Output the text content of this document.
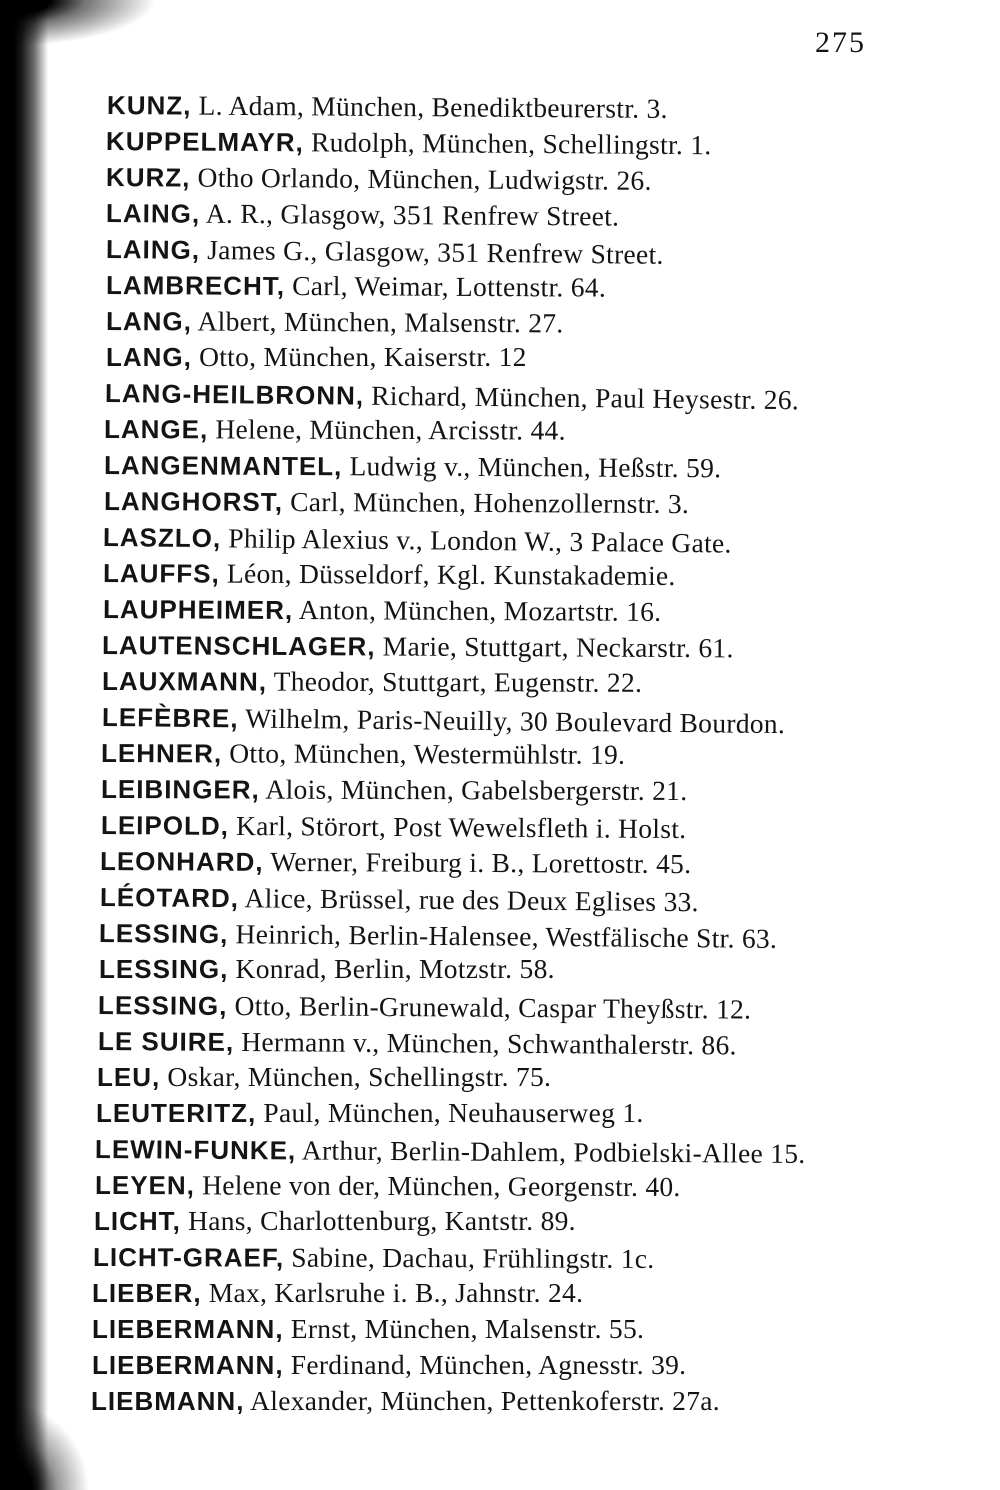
275
KUNZ, L. Adam, München, Benediktbeurerstr. 3.
KUPPELMAYR, Rudolph, München, Schellingstr. 1.
KURZ, Otho Orlando, München, Ludwigstr. 26.
LAING, A. R., Glasgow, 351 Renfrew Street.
LAING, James G., Glasgow, 351 Renfrew Street.
LAMBRECHT, Carl, Weimar, Lottenstr. 64.
LANG, Albert, München, Malsenstr. 27.
LANG, Otto, München, Kaiserstr. 12
LANG-HEILBRONN, Richard, München, Paul Heysestr. 26.
LANGE, Helene, München, Arcisstr. 44.
LANGENMANTEL, Ludwig v., München, Heßstr. 59.
LANGHORST, Carl, München, Hohenzollernstr. 3.
LASZLO, Philip Alexius v., London W., 3 Palace Gate.
LAUFFS, Léon, Düsseldorf, Kgl. Kunstakademie.
LAUPHEIMER, Anton, München, Mozartstr. 16.
LAUTENSCHLAGER, Marie, Stuttgart, Neckarstr. 61.
LAUXMANN, Theodor, Stuttgart, Eugenstr. 22.
LEFÈBRE, Wilhelm, Paris-Neuilly, 30 Boulevard Bourdon.
LEHNER, Otto, München, Westermühlstr. 19.
LEIBINGER, Alois, München, Gabelsbergerstr. 21.
LEIPOLD, Karl, Störort, Post Wewelsfleth i. Holst.
LEONHARD, Werner, Freiburg i. B., Lorettostr. 45.
LÉOTARD, Alice, Brüssel, rue des Deux Eglises 33.
LESSING, Heinrich, Berlin-Halensee, Westfälische Str. 63.
LESSING, Konrad, Berlin, Motzstr. 58.
LESSING, Otto, Berlin-Grunewald, Caspar Theyßstr. 12.
LE SUIRE, Hermann v., München, Schwanthalerstr. 86.
LEU, Oskar, München, Schellingstr. 75.
LEUTERITZ, Paul, München, Neuhauserweg 1.
LEWIN-FUNKE, Arthur, Berlin-Dahlem, Podbielski-Allee 15.
LEYEN, Helene von der, München, Georgenstr. 40.
LICHT, Hans, Charlottenburg, Kantstr. 89.
LICHT-GRAEF, Sabine, Dachau, Frühlingstr. 1c.
LIEBER, Max, Karlsruhe i. B., Jahnstr. 24.
LIEBERMANN, Ernst, München, Malsenstr. 55.
LIEBERMANN, Ferdinand, München, Agnesstr. 39.
LIEBMANN, Alexander, München, Pettenkoferstr. 27a.
